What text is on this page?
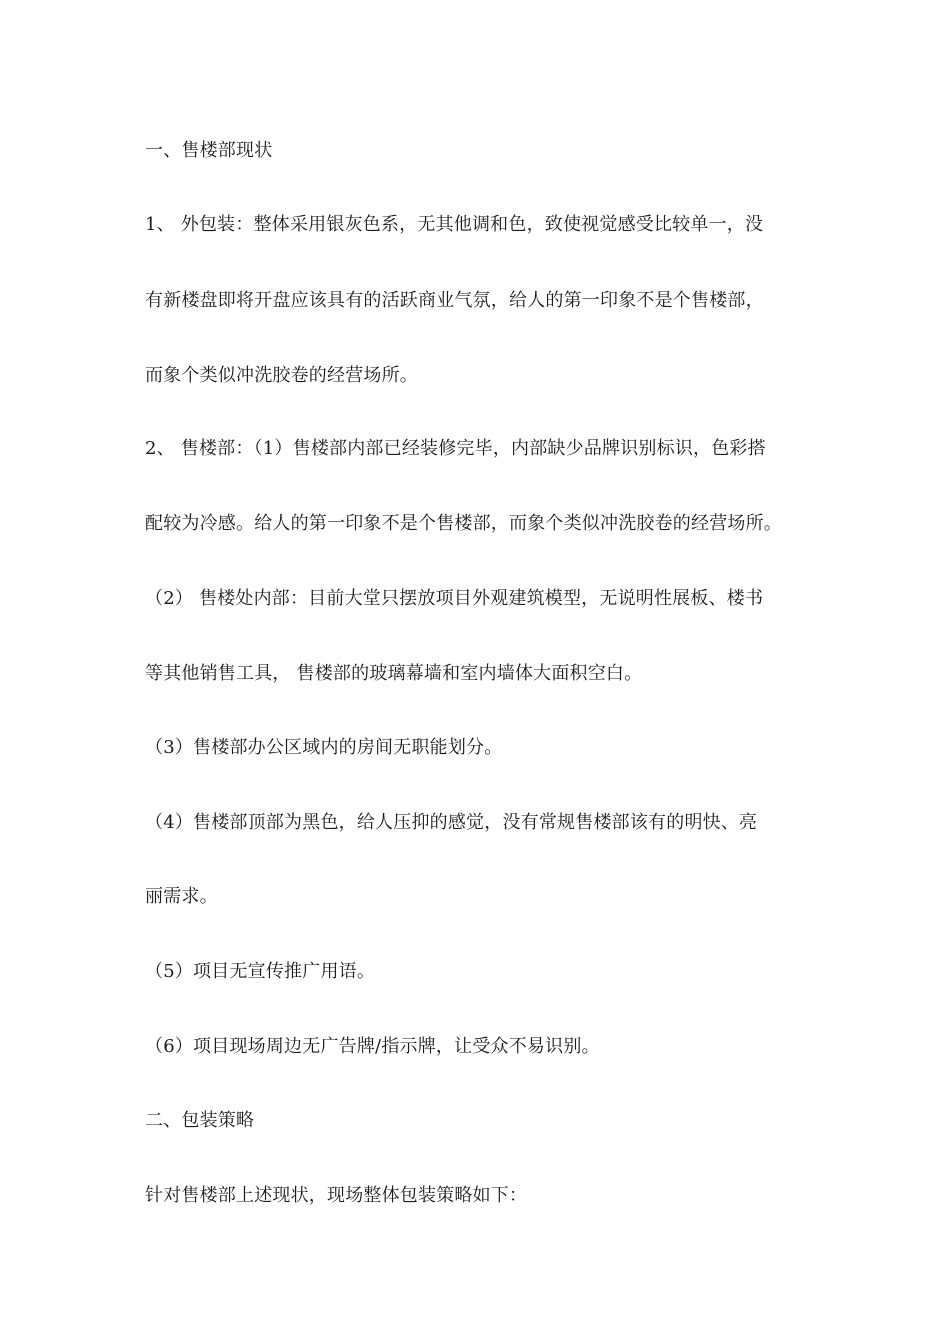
一、售楼部现状
1、 外包装：整体采用银灰色系，无其他调和色，致使视觉感受比较单一，没
有新楼盘即将开盘应该具有的活跃商业气氛，给人的第一印象不是个售楼部，
而象个类似冲洗胶卷的经营场所。
2、 售楼部：（1）售楼部内部已经装修完毕，内部缺少品牌识别标识，色彩搭
配较为冷感。给人的第一印象不是个售楼部，而象个类似冲洗胶卷的经营场所。
（2） 售楼处内部：目前大堂只摆放项目外观建筑模型，无说明性展板、楼书
等其他销售工具， 售楼部的玻璃幕墙和室内墙体大面积空白。
（3）售楼部办公区域内的房间无职能划分。
（4）售楼部顶部为黑色，给人压抑的感觉，没有常规售楼部该有的明快、亮
丽需求。
（5）项目无宣传推广用语。
（6）项目现场周边无广告牌/指示牌，让受众不易识别。
二、包装策略
针对售楼部上述现状，现场整体包装策略如下：
